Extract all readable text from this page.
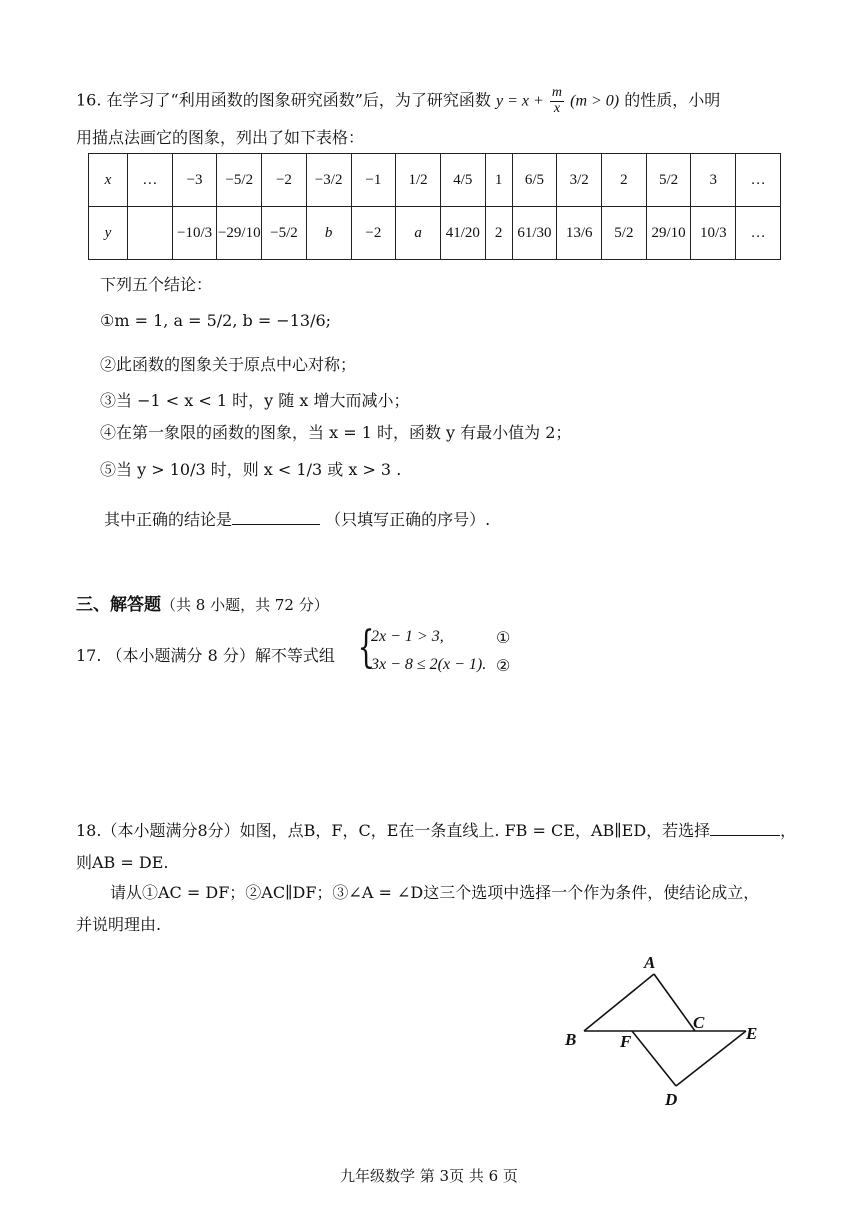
16. 在学习了“利用函数的图象研究函数”后，为了研究函数 $y = x + \frac{m}{x} (m > 0)$ 的性质，小明
用描点法画它的图象，列出了如下表格：
x	…	−3	−5/2	−2	−3/2	−1	1/2	4/5	1	6/5	3/2	2	5/2	3	…
y		−10/3	−29/10	−5/2	b	−2	a	41/20	2	61/30	13/6	5/2	29/10	10/3	…
下列五个结论：
①m = 1, a = 5/2, b = −13/6;
②此函数的图象关于原点中心对称；
③当 −1 < x < 1 时，y 随 x 增大而减小；
④在第一象限的函数的图象，当 x = 1 时，函数 y 有最小值为 2；
⑤当 y > 10/3 时，则 x < 1/3 或 x > 3 .
其中正确的结论是	（只填写正确的序号）.
三、解答题（共 8 小题，共 72 分）
17. （本小题满分 8 分）解不等式组 {
2x − 1 > 3,
3x − 8 ≤ 2(x − 1).
①
②
18.（本小题满分8分）如图，点B，F，C，E在一条直线上. FB = CE，AB∥ED，若选择	，
则AB = DE.
请从①AC = DF；②AC∥DF；③∠A = ∠D这三个选项中选择一个作为条件，使结论成立，
并说明理由.
A
B
C
E
F
D
九年级数学 第 3页 共 6 页
